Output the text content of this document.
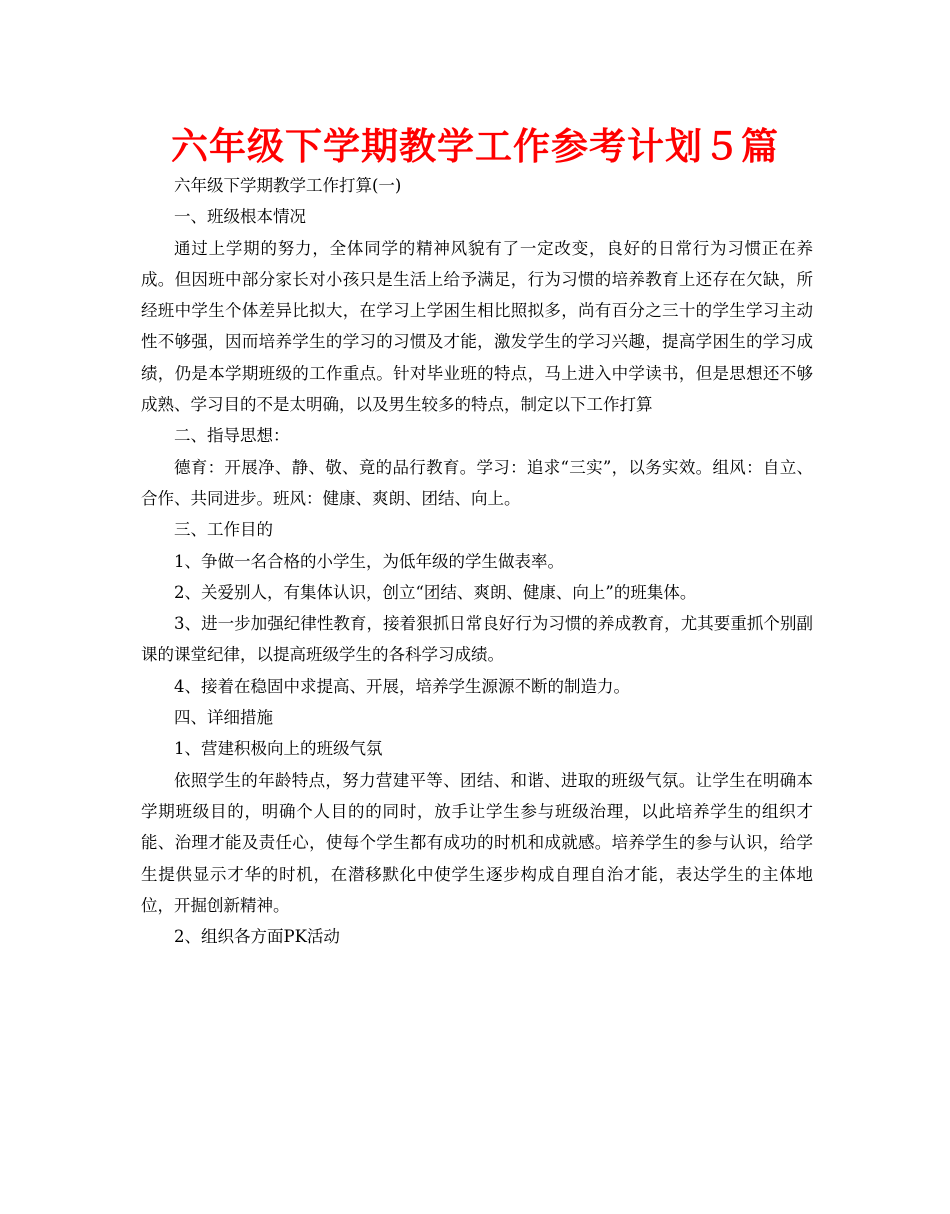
六年级下学期教学工作参考计划５篇

六年级下学期教学工作打算(一)

一、班级根本情况

通过上学期的努力，全体同学的精神风貌有了一定改变，良好的日常行为习惯正在养成。但因班中部分家长对小孩只是生活上给予满足，行为习惯的培养教育上还存在欠缺，所经班中学生个体差异比拟大，在学习上学困生相比照拟多，尚有百分之三十的学生学习主动性不够强，因而培养学生的学习的习惯及才能，激发学生的学习兴趣，提高学困生的学习成绩，仍是本学期班级的工作重点。针对毕业班的特点，马上进入中学读书，但是思想还不够成熟、学习目的不是太明确，以及男生较多的特点，制定以下工作打算

二、指导思想：

德育：开展净、静、敬、竟的品行教育。学习：追求“三实”，以务实效。组风：自立、合作、共同进步。班风：健康、爽朗、团结、向上。

三、工作目的

1、争做一名合格的小学生，为低年级的学生做表率。

2、关爱别人，有集体认识，创立“团结、爽朗、健康、向上”的班集体。

3、进一步加强纪律性教育，接着狠抓日常良好行为习惯的养成教育，尤其要重抓个别副课的课堂纪律，以提高班级学生的各科学习成绩。

4、接着在稳固中求提高、开展，培养学生源源不断的制造力。

四、详细措施

1、营建积极向上的班级气氛

依照学生的年龄特点，努力营建平等、团结、和谐、进取的班级气氛。让学生在明确本学期班级目的，明确个人目的的同时，放手让学生参与班级治理，以此培养学生的组织才能、治理才能及责任心，使每个学生都有成功的时机和成就感。培养学生的参与认识，给学生提供显示才华的时机，在潜移默化中使学生逐步构成自理自治才能，表达学生的主体地位，开掘创新精神。

2、组织各方面PK活动
